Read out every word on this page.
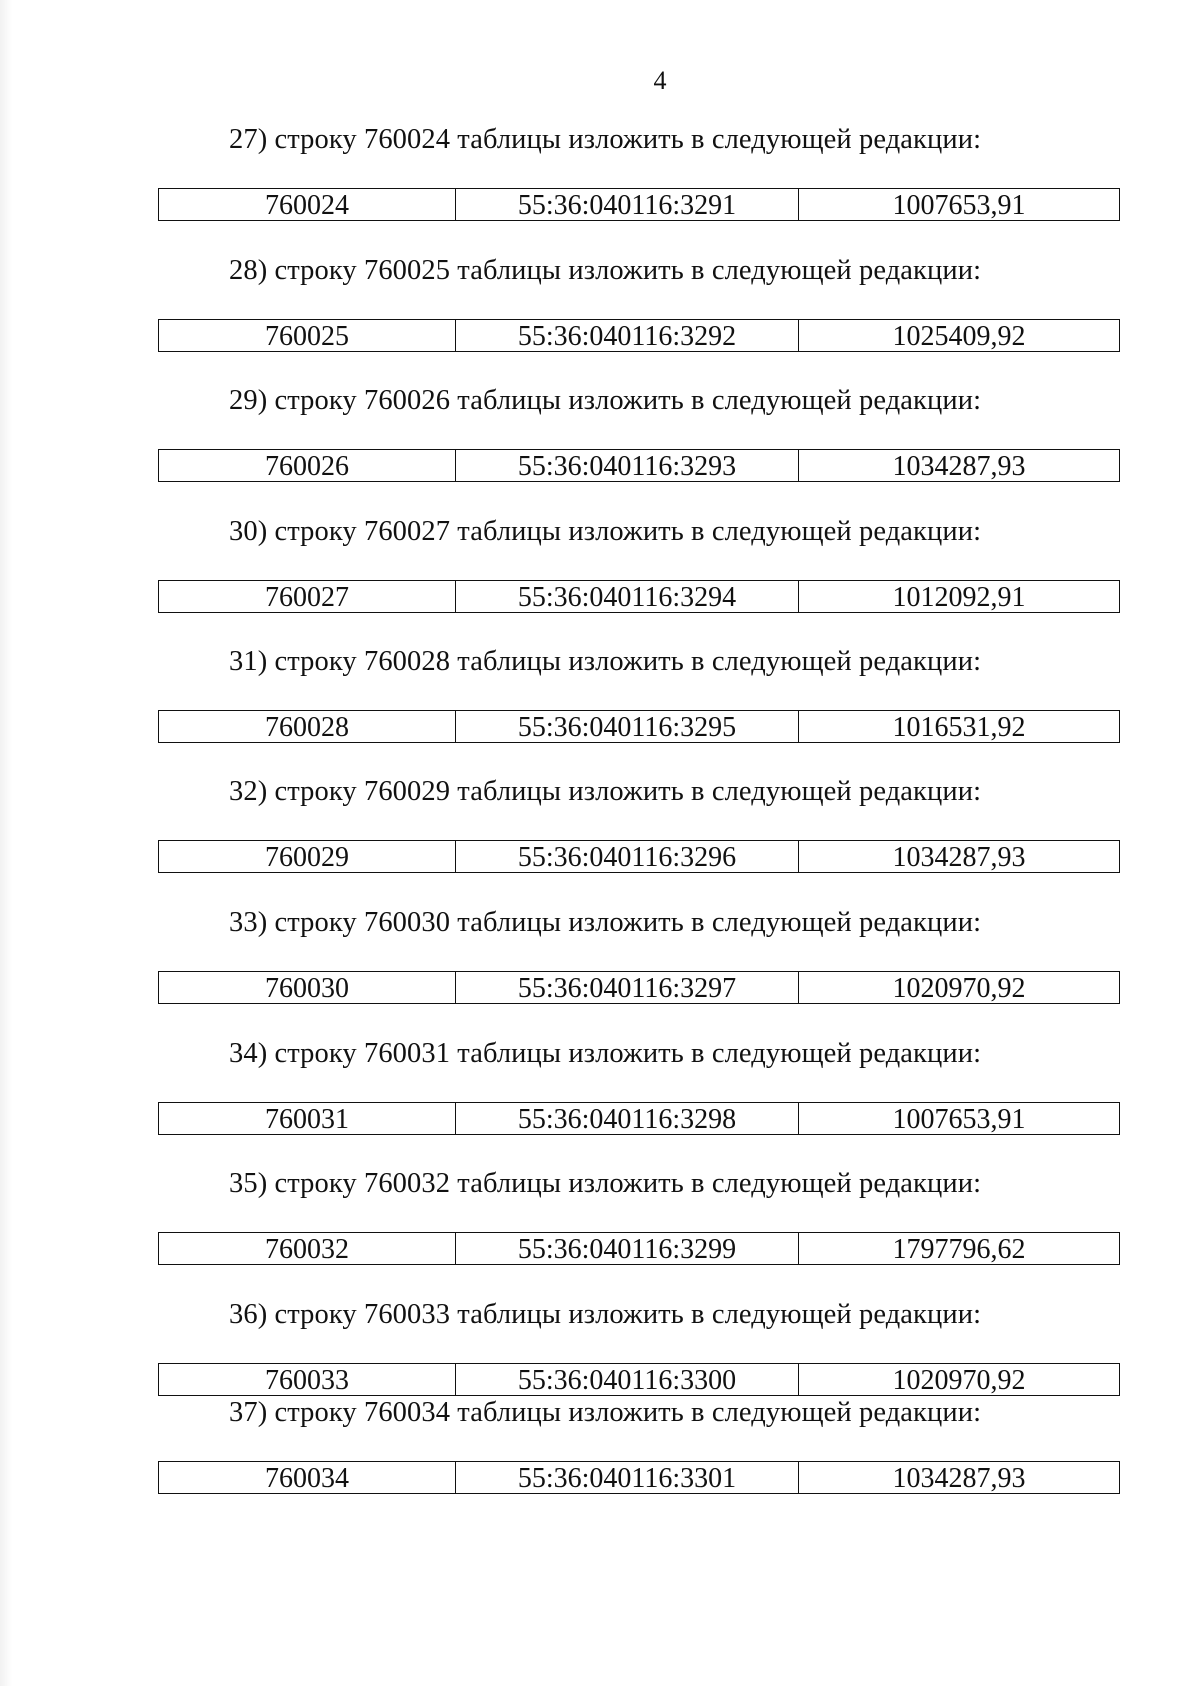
4
27) строку 760024 таблицы изложить в следующей редакции:
760024	55:36:040116:3291	1007653,91
28) строку 760025 таблицы изложить в следующей редакции:
760025	55:36:040116:3292	1025409,92
29) строку 760026 таблицы изложить в следующей редакции:
760026	55:36:040116:3293	1034287,93
30) строку 760027 таблицы изложить в следующей редакции:
760027	55:36:040116:3294	1012092,91
31) строку 760028 таблицы изложить в следующей редакции:
760028	55:36:040116:3295	1016531,92
32) строку 760029 таблицы изложить в следующей редакции:
760029	55:36:040116:3296	1034287,93
33) строку 760030 таблицы изложить в следующей редакции:
760030	55:36:040116:3297	1020970,92
34) строку 760031 таблицы изложить в следующей редакции:
760031	55:36:040116:3298	1007653,91
35) строку 760032 таблицы изложить в следующей редакции:
760032	55:36:040116:3299	1797796,62
36) строку 760033 таблицы изложить в следующей редакции:
760033	55:36:040116:3300	1020970,92
37) строку 760034 таблицы изложить в следующей редакции:
760034	55:36:040116:3301	1034287,93
